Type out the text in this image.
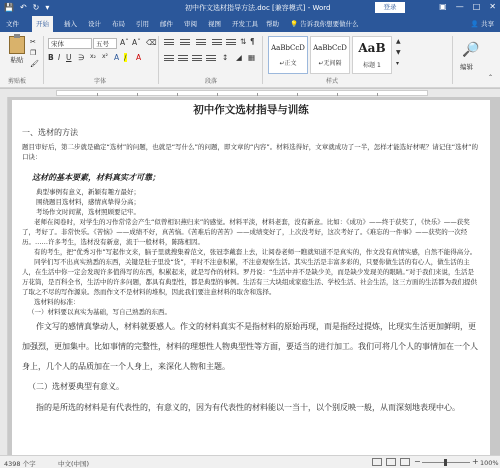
💾 ↶ ↻ ▾	初中作文选材指导方法.doc [兼容模式] - Word	登录	▣ — □ ✕
文件	开始	插入 设计 布局 引用 邮件 审阅 视图 开发工具 帮助 💡 告诉我你想要做什么	👤 共享
粘贴
✂
❐
🖌
剪贴板
宋体	五号	Aˆ Aˇ ⌫
B I U ∋ x₂ x² A ∕ A
字体
⇅ ¶
↕ ◢ ▦
段落
AaBbCcD
↵正文
AaBbCcD
↵无间隔
AaB
标题 1
▲
▼
▾
样式
🔎
编辑
⌃
初中作文选材指导与训练
一、选材的方法
题目审好后，第二步就是确定“选材”的问题，也就是“写什么”的问题，即文章的“内容”。材料选得好，文章就成功了一半，怎样才能选好材呢？请记住“选材”的口诀：
这材的基本要素，材料真实才可靠；
典型事例有意义，新颖有趣方最好；
围绕题目选材料，感情真挚得分高；
考场作文时间紧，选材照顾要记牢。
老师在阅卷时，对学生的习作常常会产生“似曾相识燕归来”的感觉。材料平淡，材料老套，没有新意。比如：《成功》——终于获奖了，《快乐》——获奖了，考好了。非常快乐。《苦恼》——成绩不好，真苦恼。《苦难后的苦苦》——成绩变好了，上次没考好，这次考好了。《难忘的一件事》——获奖的一次经历。……许多考生，选材没有新意，流于一般材料，陈陈相因。
有的考生，把“优秀习作”写起作文来，脑子里就搜集着范文，张冠李戴套上去，让阅卷老师一瞧就知道不是真实的，作文没有真情实感，自然不能得高分。
同学们写不出真实熟悉的东西，关键是肚子里没“货”，平时不注意积累，不注意观察生活。其实生活是丰富多彩的，只要你做生活的有心人，做生活的主人，在生活中你一定会发现许多值得写的东西，积累起来，就是写作的材料。罗丹说：“生活中并不是缺少美，而是缺少发现美的眼睛。”对于我们来说，生活是万花筒，是百科全书，生活中的许多问题，都具有典型性，都是典型的事例。生活有三大块组成家庭生活、学校生活、社会生活，这三方面的生活都为我们提供了取之不尽的写作源泉。然而作文不是材料的堆积，因此我们要注意材料的取舍和选择。
选材料的标准：
（一）材料要以真实为基础，写自己熟悉的东西。
作文写的感情真挚动人，材料就要感人。作文的材料真实不是指材料的原始再现，而是指经过提炼，比现实生活更加鲜明，更加强烈，更加集中。比如事情的完整性，材料的理想性人物典型性等方面，要适当的进行加工。我们可将几个人的事情加在一个人身上，几个人的品质加在一个人身上，来深化人物和主题。
（二）选材要典型有意义。
指的是所选的材料是有代表性的，有意义的，因为有代表性的材料能以一当十，以个别反映一般，从而深刻地表现中心。
4398 个字	中文(中国)	−	+ 100%
